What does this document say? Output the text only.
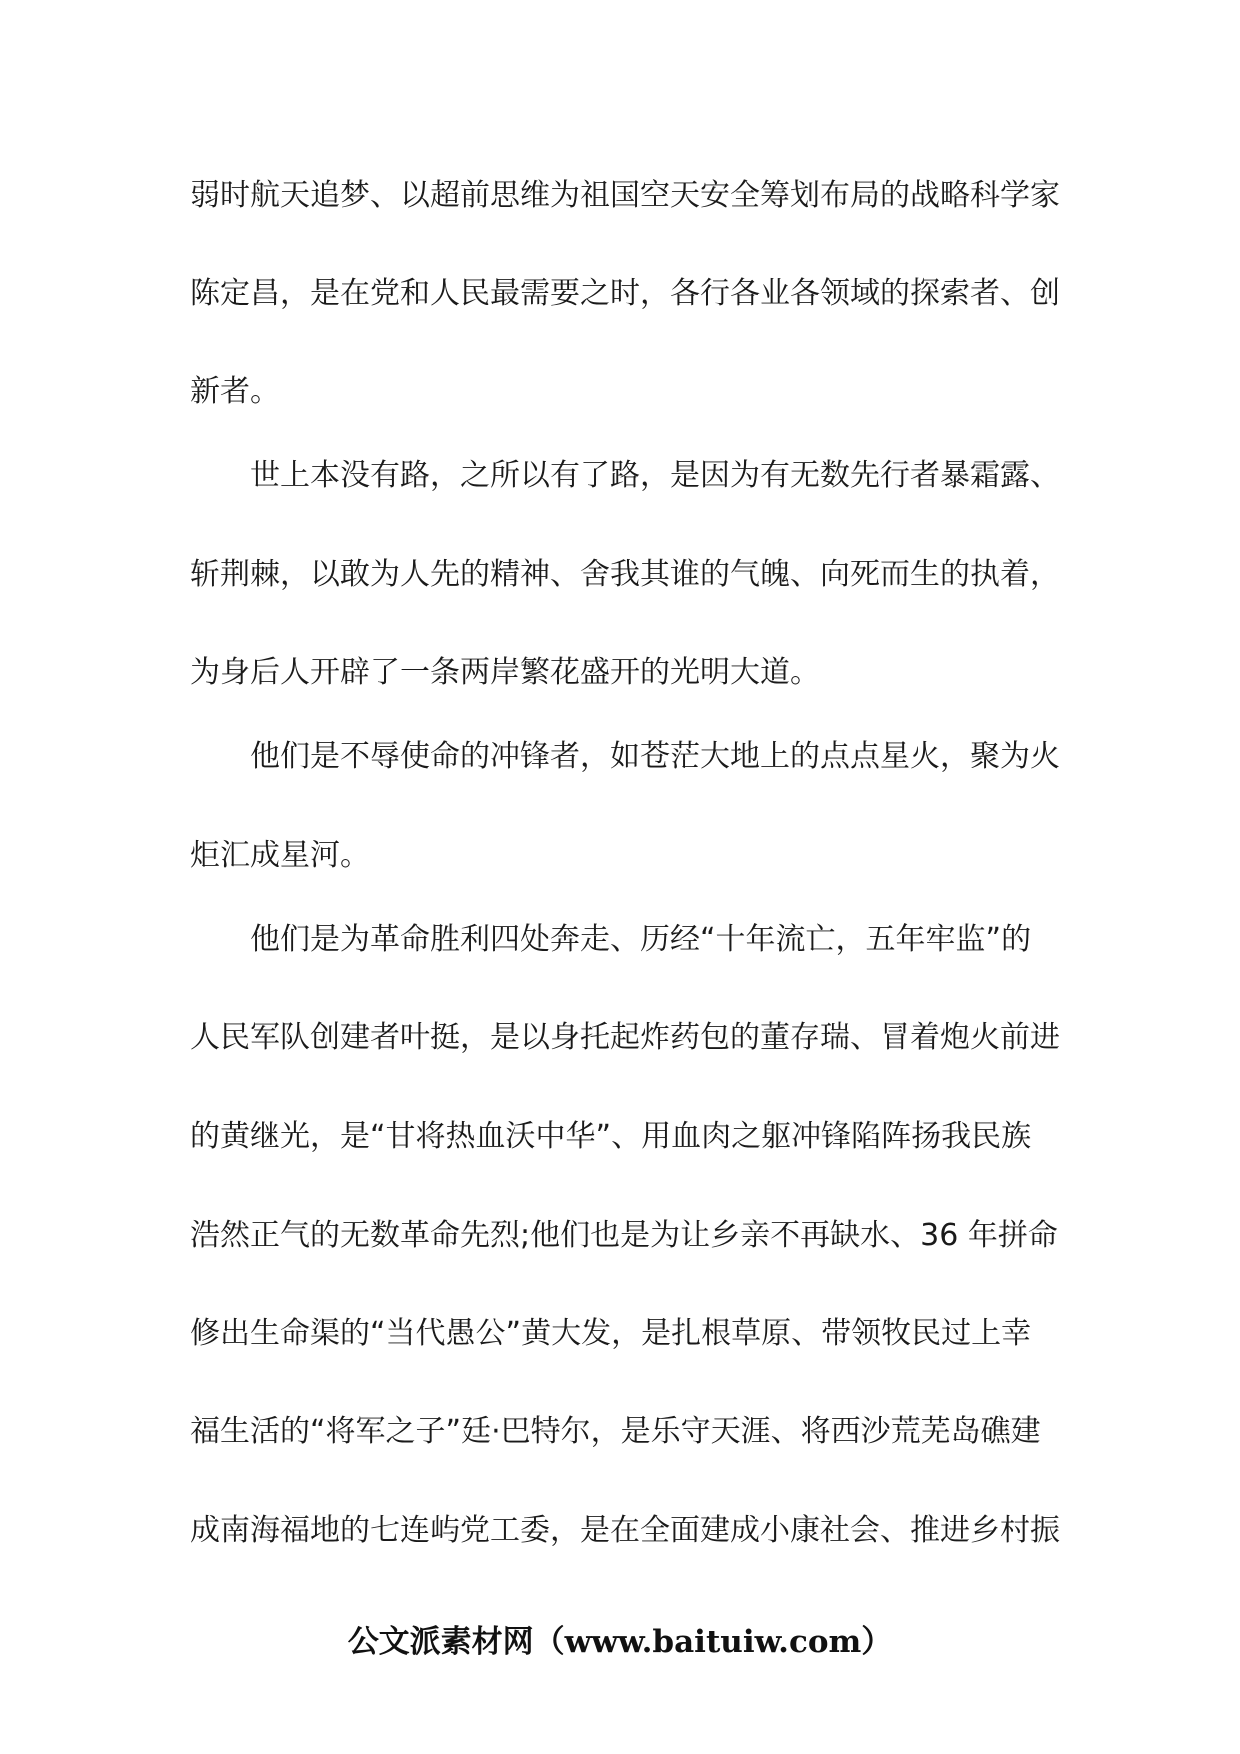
弱时航天追梦、以超前思维为祖国空天安全筹划布局的战略科学家
陈定昌，是在党和人民最需要之时，各行各业各领域的探索者、创
新者。
世上本没有路，之所以有了路，是因为有无数先行者暴霜露、
斩荆棘，以敢为人先的精神、舍我其谁的气魄、向死而生的执着，
为身后人开辟了一条两岸繁花盛开的光明大道。
他们是不辱使命的冲锋者，如苍茫大地上的点点星火，聚为火
炬汇成星河。
他们是为革命胜利四处奔走、历经“十年流亡，五年牢监”的
人民军队创建者叶挺，是以身托起炸药包的董存瑞、冒着炮火前进
的黄继光，是“甘将热血沃中华”、用血肉之躯冲锋陷阵扬我民族
浩然正气的无数革命先烈;他们也是为让乡亲不再缺水、36 年拼命
修出生命渠的“当代愚公”黄大发，是扎根草原、带领牧民过上幸
福生活的“将军之子”廷·巴特尔，是乐守天涯、将西沙荒芜岛礁建
成南海福地的七连屿党工委，是在全面建成小康社会、推进乡村振
公文派素材网（www.baituiw.com）
